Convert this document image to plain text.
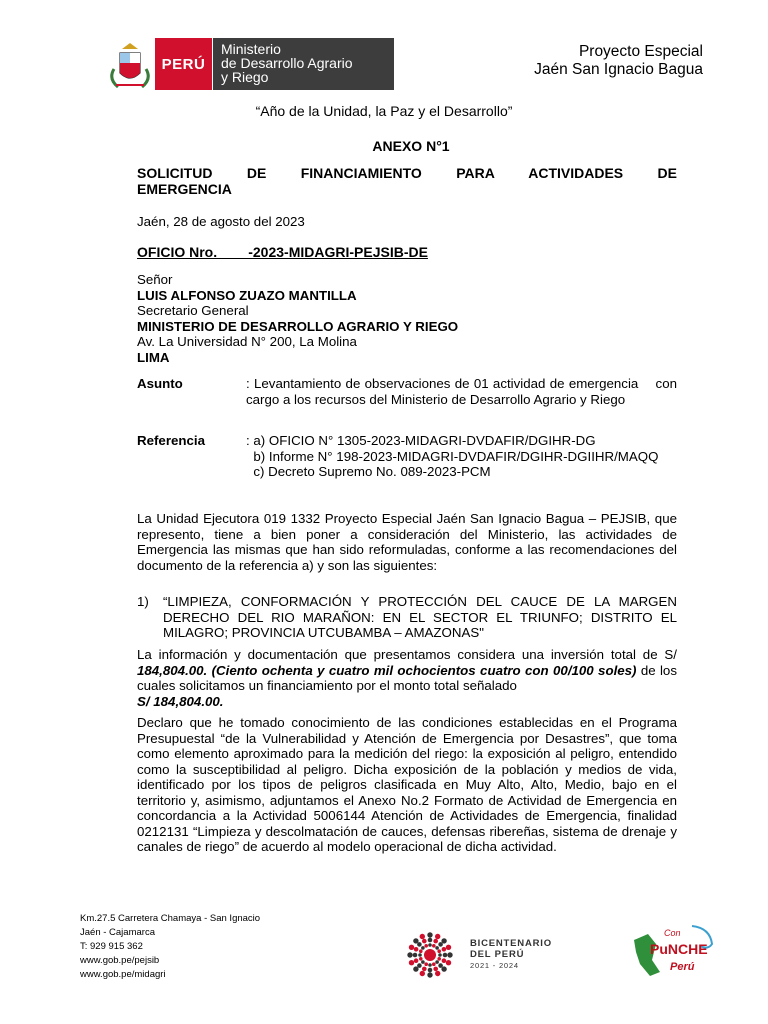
PERÚ
Ministerio
de Desarrollo Agrario
y Riego
Proyecto Especial
Jaén San Ignacio Bagua
“Año de la Unidad, la Paz y el Desarrollo”
ANEXO N°1
SOLICITUD DE FINANCIAMIENTO PARA ACTIVIDADES DE
EMERGENCIA
Jaén, 28 de agosto del 2023
OFICIO Nro.        -2023-MIDAGRI-PEJSIB-DE
Señor
LUIS ALFONSO ZUAZO MANTILLA
Secretario General
MINISTERIO DE DESARROLLO AGRARIO Y RIEGO
Av. La Universidad N° 200, La Molina
LIMA
Asunto	: Levantamiento de observaciones de 01 actividad de emergencia    con cargo a los recursos del Ministerio de Desarrollo Agrario y Riego
Referencia	: a) OFICIO N° 1305-2023-MIDAGRI-DVDAFIR/DGIHR-DG
b) Informe N° 198-2023-MIDAGRI-DVDAFIR/DGIHR-DGIIHR/MAQQ
c) Decreto Supremo No. 089-2023-PCM
La Unidad Ejecutora 019 1332 Proyecto Especial Jaén San Ignacio Bagua – PEJSIB, que represento, tiene a bien poner a consideración del Ministerio, las actividades de Emergencia las mismas que han sido reformuladas, conforme a las recomendaciones del documento de la referencia a) y son las siguientes:
1) “LIMPIEZA, CONFORMACIÓN Y PROTECCIÓN DEL CAUCE DE LA MARGEN DERECHO DEL RIO MARAÑON: EN EL SECTOR EL TRIUNFO; DISTRITO EL MILAGRO; PROVINCIA UTCUBAMBA – AMAZONAS"
La información y documentación que presentamos considera una inversión total de S/ 184,804.00. (Ciento ochenta y cuatro mil ochocientos cuatro con 00/100 soles) de los cuales solicitamos un financiamiento por el monto total señalado
S/ 184,804.00.
Declaro que he tomado conocimiento de las condiciones establecidas en el Programa Presupuestal “de la Vulnerabilidad y Atención de Emergencia por Desastres”, que toma como elemento aproximado para la medición del riego: la exposición al peligro, entendido como la susceptibilidad al peligro. Dicha exposición de la población y medios de vida, identificado por los tipos de peligros clasificada en Muy Alto, Alto, Medio, bajo en el territorio y, asimismo, adjuntamos el Anexo No.2 Formato de Actividad de Emergencia en concordancia a la Actividad 5006144 Atención de Actividades de Emergencia, finalidad 0212131 “Limpieza y descolmatación de cauces, defensas ribereñas, sistema de drenaje y canales de riego” de acuerdo al modelo operacional de dicha actividad.
Km.27.5 Carretera Chamaya - San Ignacio
Jaén - Cajamarca
T: 929 915 362
www.gob.pe/pejsib
www.gob.pe/midagri
BICENTENARIO
DEL PERÚ
2021 - 2024
Con
PuNCHE
Perú
